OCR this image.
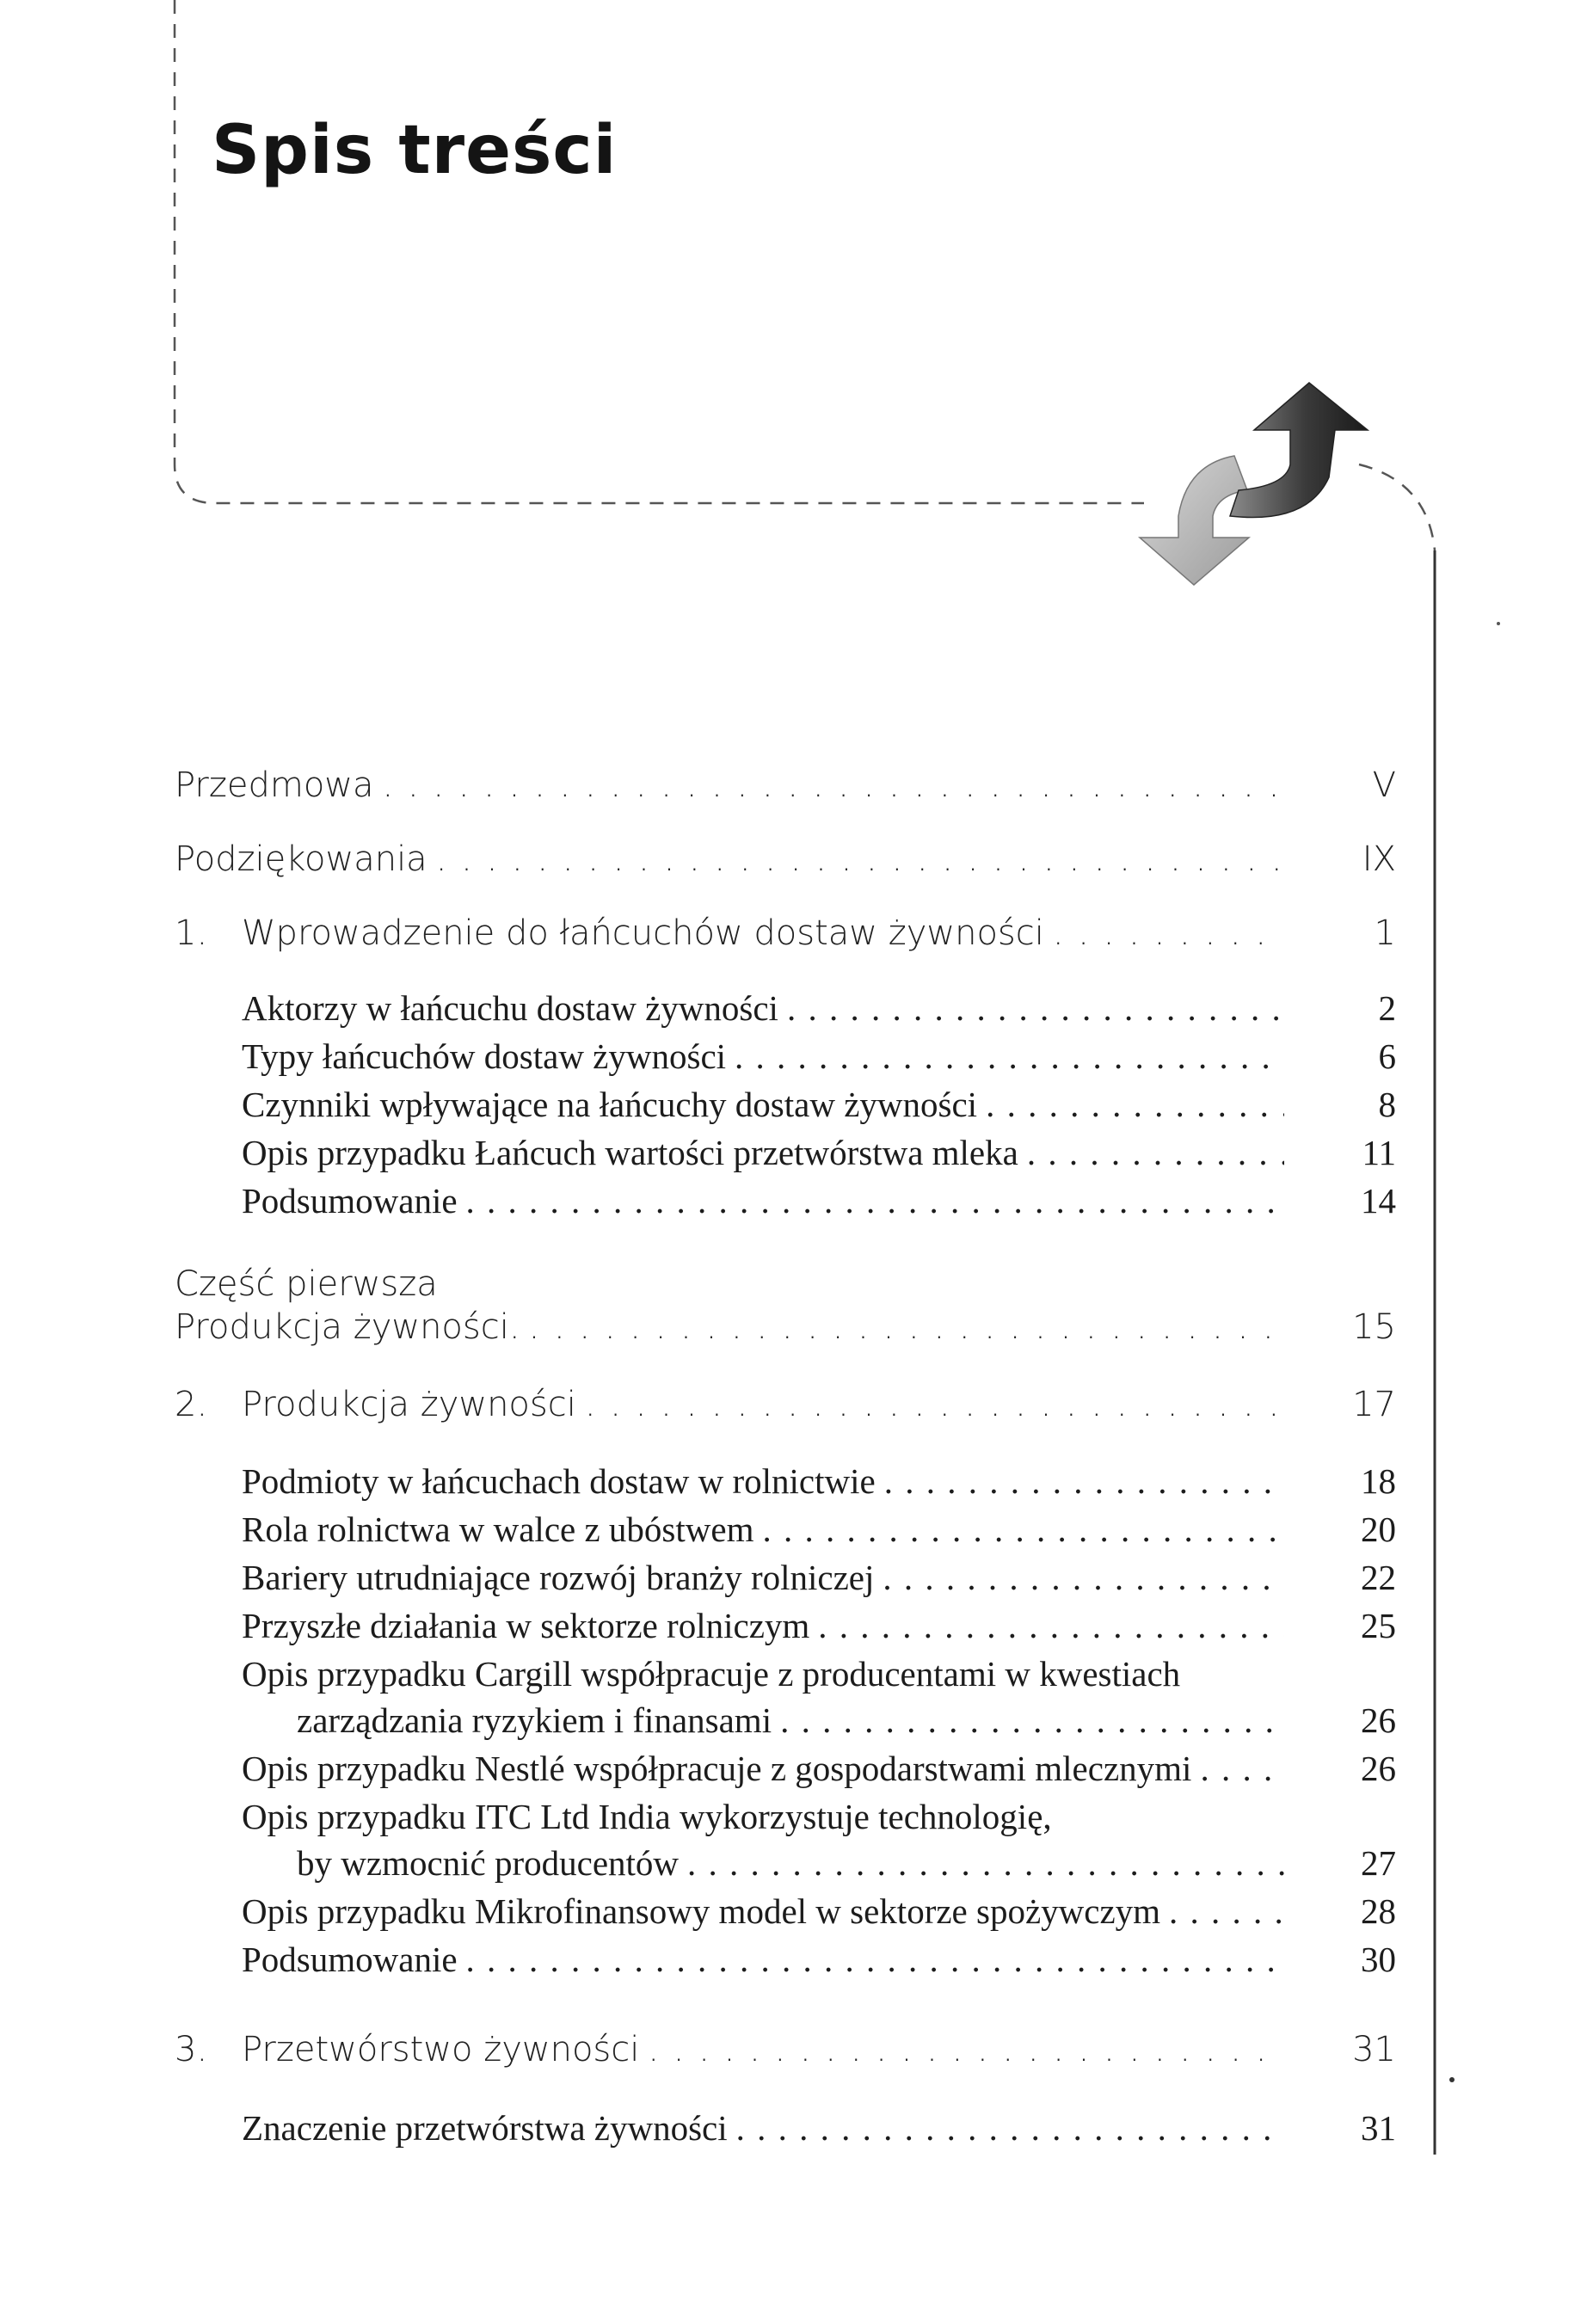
Spis treści
Przedmowa . . .	V
Podziękowania . . .	IX
1. Wprowadzenie do łańcuchów dostaw żywności . . .	1
Aktorzy w łańcuchu dostaw żywności . . .	2
Typy łańcuchów dostaw żywności . . .	6
Czynniki wpływające na łańcuchy dostaw żywności . . .	8
Opis przypadku Łańcuch wartości przetwórstwa mleka . . .	11
Podsumowanie . . .	14
Część pierwsza
Produkcja żywności. . . .	15
2. Produkcja żywności . . .	17
Podmioty w łańcuchach dostaw w rolnictwie . . .	18
Rola rolnictwa w walce z ubóstwem . . .	20
Bariery utrudniające rozwój branży rolniczej . . .	22
Przyszłe działania w sektorze rolniczym . . .	25
Opis przypadku Cargill współpracuje z producentami w kwestiach
zarządzania ryzykiem i finansami . . .	26
Opis przypadku Nestlé współpracuje z gospodarstwami mlecznymi . . .	26
Opis przypadku ITC Ltd India wykorzystuje technologię,
by wzmocnić producentów . . .	27
Opis przypadku Mikrofinansowy model w sektorze spożywczym . . .	28
Podsumowanie . . .	30
3. Przetwórstwo żywności . . .	31
Znaczenie przetwórstwa żywności . . .	31
